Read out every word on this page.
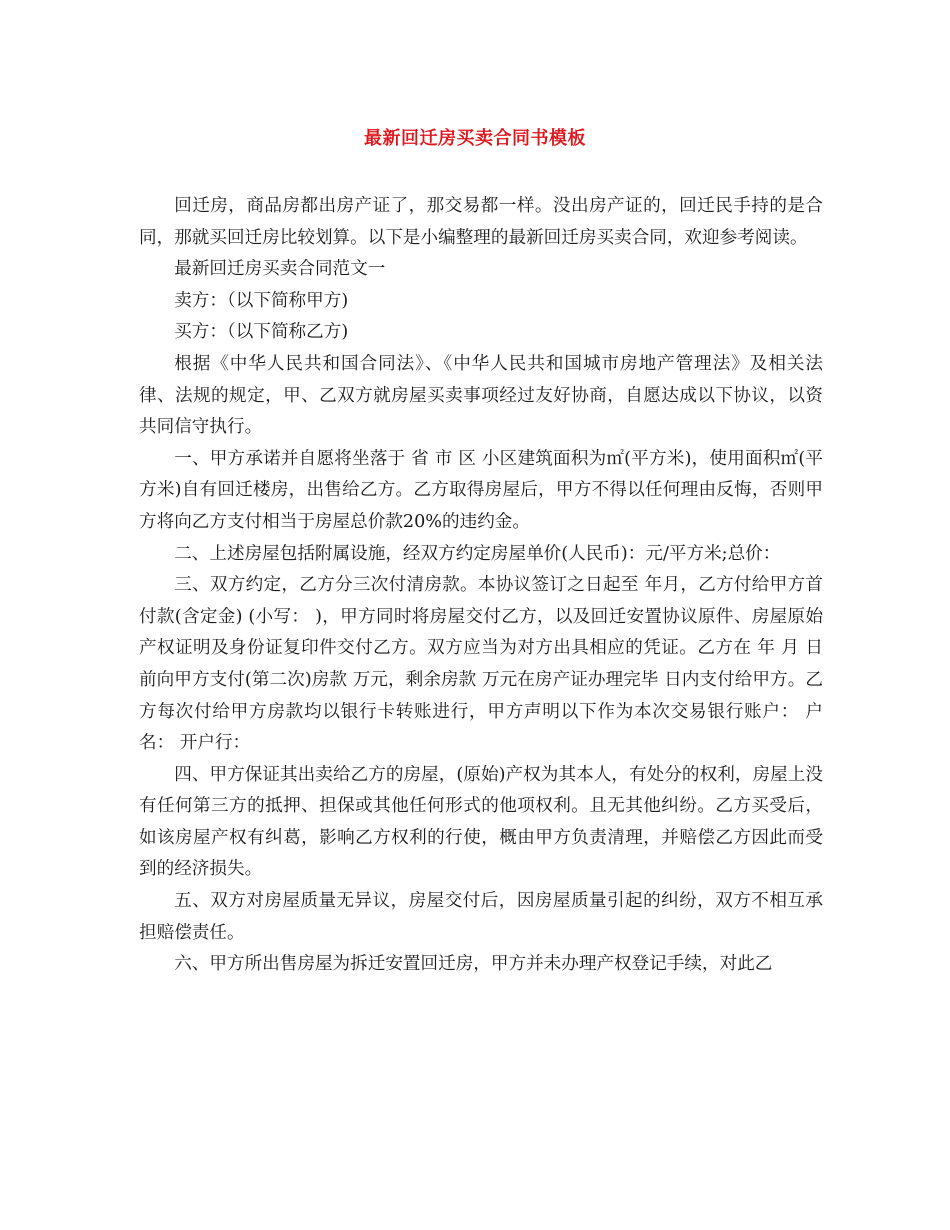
最新回迁房买卖合同书模板

回迁房，商品房都出房产证了，那交易都一样。没出房产证的，回迁民手持的是合同，那就买回迁房比较划算。以下是小编整理的最新回迁房买卖合同，欢迎参考阅读。

最新回迁房买卖合同范文一

卖方：（以下简称甲方)

买方：（以下简称乙方)

根据《中华人民共和国合同法》、《中华人民共和国城市房地产管理法》及相关法律、法规的规定，甲、乙双方就房屋买卖事项经过友好协商，自愿达成以下协议，以资共同信守执行。

一、甲方承诺并自愿将坐落于 省 市 区 小区建筑面积为㎡(平方米)，使用面积㎡(平方米)自有回迁楼房，出售给乙方。乙方取得房屋后，甲方不得以任何理由反悔，否则甲方将向乙方支付相当于房屋总价款20%的违约金。

二、上述房屋包括附属设施，经双方约定房屋单价(人民币)：元/平方米;总价：

三、双方约定，乙方分三次付清房款。本协议签订之日起至 年月，乙方付给甲方首付款(含定金) (小写： )，甲方同时将房屋交付乙方，以及回迁安置协议原件、房屋原始产权证明及身份证复印件交付乙方。双方应当为对方出具相应的凭证。乙方在 年 月 日前向甲方支付(第二次)房款 万元，剩余房款 万元在房产证办理完毕 日内支付给甲方。乙方每次付给甲方房款均以银行卡转账进行，甲方声明以下作为本次交易银行账户： 户名： 开户行：

四、甲方保证其出卖给乙方的房屋，(原始)产权为其本人，有处分的权利，房屋上没有任何第三方的抵押、担保或其他任何形式的他项权利。且无其他纠纷。乙方买受后，如该房屋产权有纠葛，影响乙方权利的行使，概由甲方负责清理，并赔偿乙方因此而受到的经济损失。

五、双方对房屋质量无异议，房屋交付后，因房屋质量引起的纠纷，双方不相互承担赔偿责任。

六、甲方所出售房屋为拆迁安置回迁房，甲方并未办理产权登记手续，对此乙
